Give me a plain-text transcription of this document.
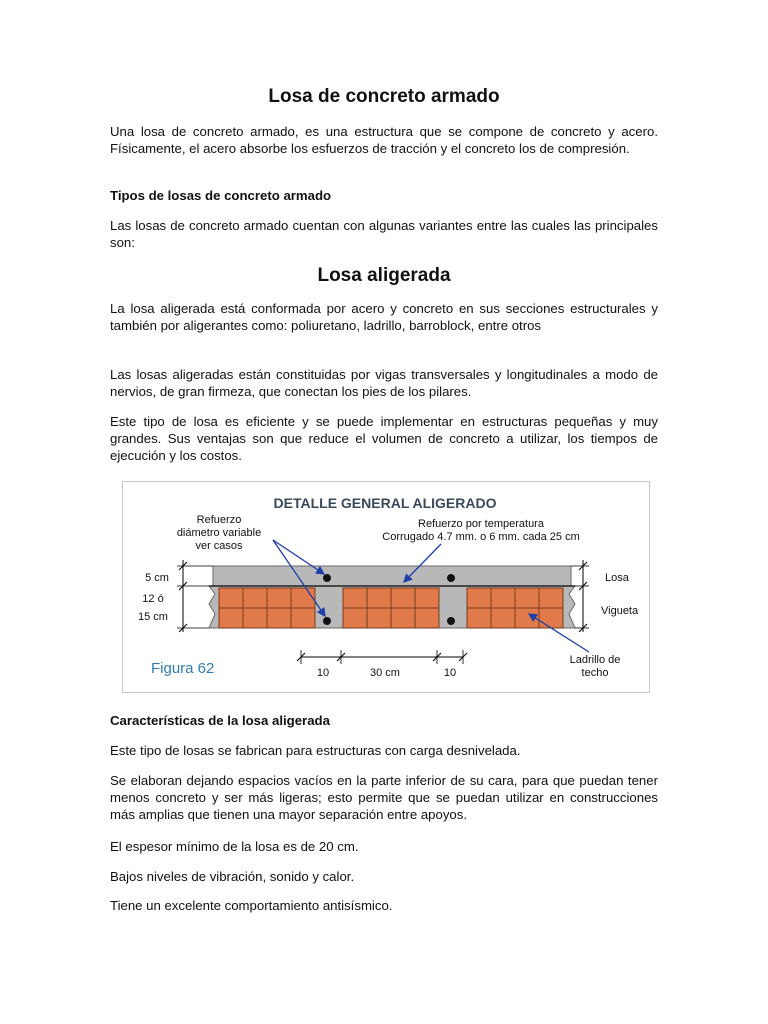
Losa de concreto armado

Una losa de concreto armado, es una estructura que se compone de concreto y acero. Físicamente, el acero absorbe los esfuerzos de tracción y el concreto los de compresión.

Tipos de losas de concreto armado

Las losas de concreto armado cuentan con algunas variantes entre las cuales las principales son:

Losa aligerada

La losa aligerada está conformada por acero y concreto en sus secciones estructurales y también por aligerantes como: poliuretano, ladrillo, barroblock, entre otros

Las losas aligeradas están constituidas por vigas transversales y longitudinales a modo de nervios, de gran firmeza, que conectan los pies de los pilares.

Este tipo de losa es eficiente y se puede implementar en estructuras pequeñas y muy grandes. Sus ventajas son que reduce el volumen de concreto a utilizar, los tiempos de ejecución y los costos.

Características de la losa aligerada

Este tipo de losas se fabrican para estructuras con carga desnivelada.

Se elaboran dejando espacios vacíos en la parte inferior de su cara, para que puedan tener menos concreto y ser más ligeras; esto permite que se puedan utilizar en construcciones más amplias que tienen una mayor separación entre apoyos.

El espesor mínimo de la losa es de 20 cm.

Bajos niveles de vibración, sonido y calor.

Tiene un excelente comportamiento antisísmico.

DETALLE GENERAL ALIGERADO
Refuerzo
diámetro variable
ver casos
Refuerzo por temperatura
Corrugado 4.7 mm. o 6 mm. cada 25 cm
5 cm
12 ó
15 cm
Losa
Vigueta
Ladrillo de
techo
10	30 cm	10
Figura 62
